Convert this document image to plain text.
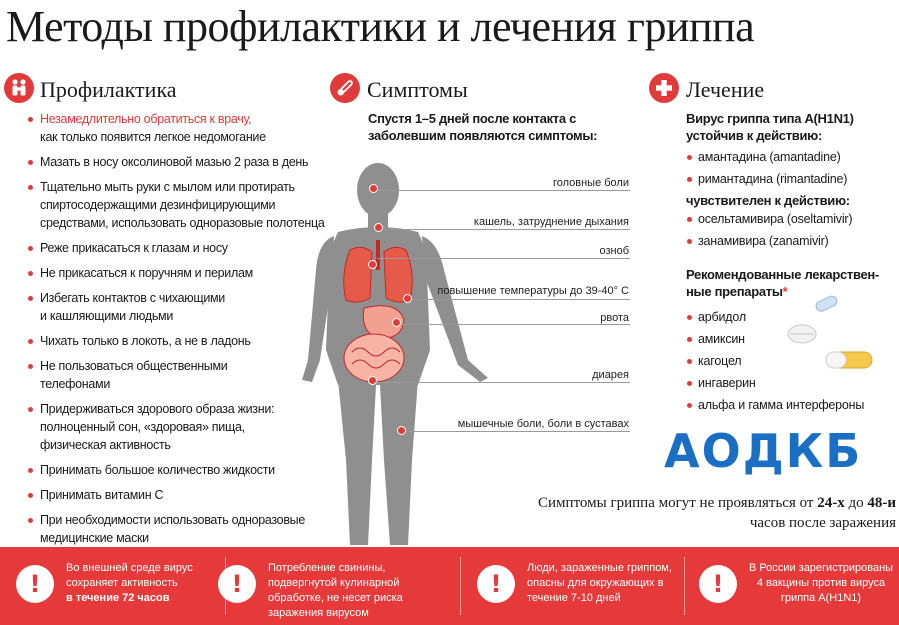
Методы профилактики и лечения гриппа
Профилактика	Симптомы	Лечение
Незамедлительно обратиться к врачу,
как только появится легкое недомогание
Мазать в носу оксолиновой мазью 2 раза в день
Тщательно мыть руки с мылом или протирать спиртосодержащими дезинфицирующими средствами, использовать одноразовые полотенца
Реже прикасаться к глазам и носу
Не прикасаться к поручням и перилам
Избегать контактов с чихающими и кашляющими людьми
Чихать только в локоть, а не в ладонь
Не пользоваться общественными телефонами
Придерживаться здорового образа жизни: полноценный сон, «здоровая» пища, физическая активность
Принимать большое количество жидкости
Принимать витамин С
При необходимости использовать одноразовые медицинские маски
Спустя 1–5 дней после контакта с заболевшим появляются симптомы:
головные боли
кашель, затруднение дыхания
озноб
повышение температуры до 39-40° С
рвота
диарея
мышечные боли, боли в суставах
Вирус гриппа типа A(H1N1) устойчив к действию:
амантадина (amantadine)
римантадина (rimantadine)
чувствителен к действию:
осельтамивира (oseltamivir)
занамивира (zanamivir)
Рекомендованные лекарствен-ные препараты*
арбидол
амиксин
кагоцел
ингаверин
альфа и гамма интерфероны
АОДКБ
Симптомы гриппа могут не проявляться от 24-х до 48-и
часов после заражения
!
Во внешней среде вирус сохраняет активность
в течение 72 часов	!
Потребление свинины, подвергнутой кулинарной обработке, не несет риска заражения вирусом
!
Люди, зараженные гриппом, опасны для окружающих в течение 7-10 дней	!
В России зарегистрированы 4 вакцины против вируса гриппа А(H1N1)
